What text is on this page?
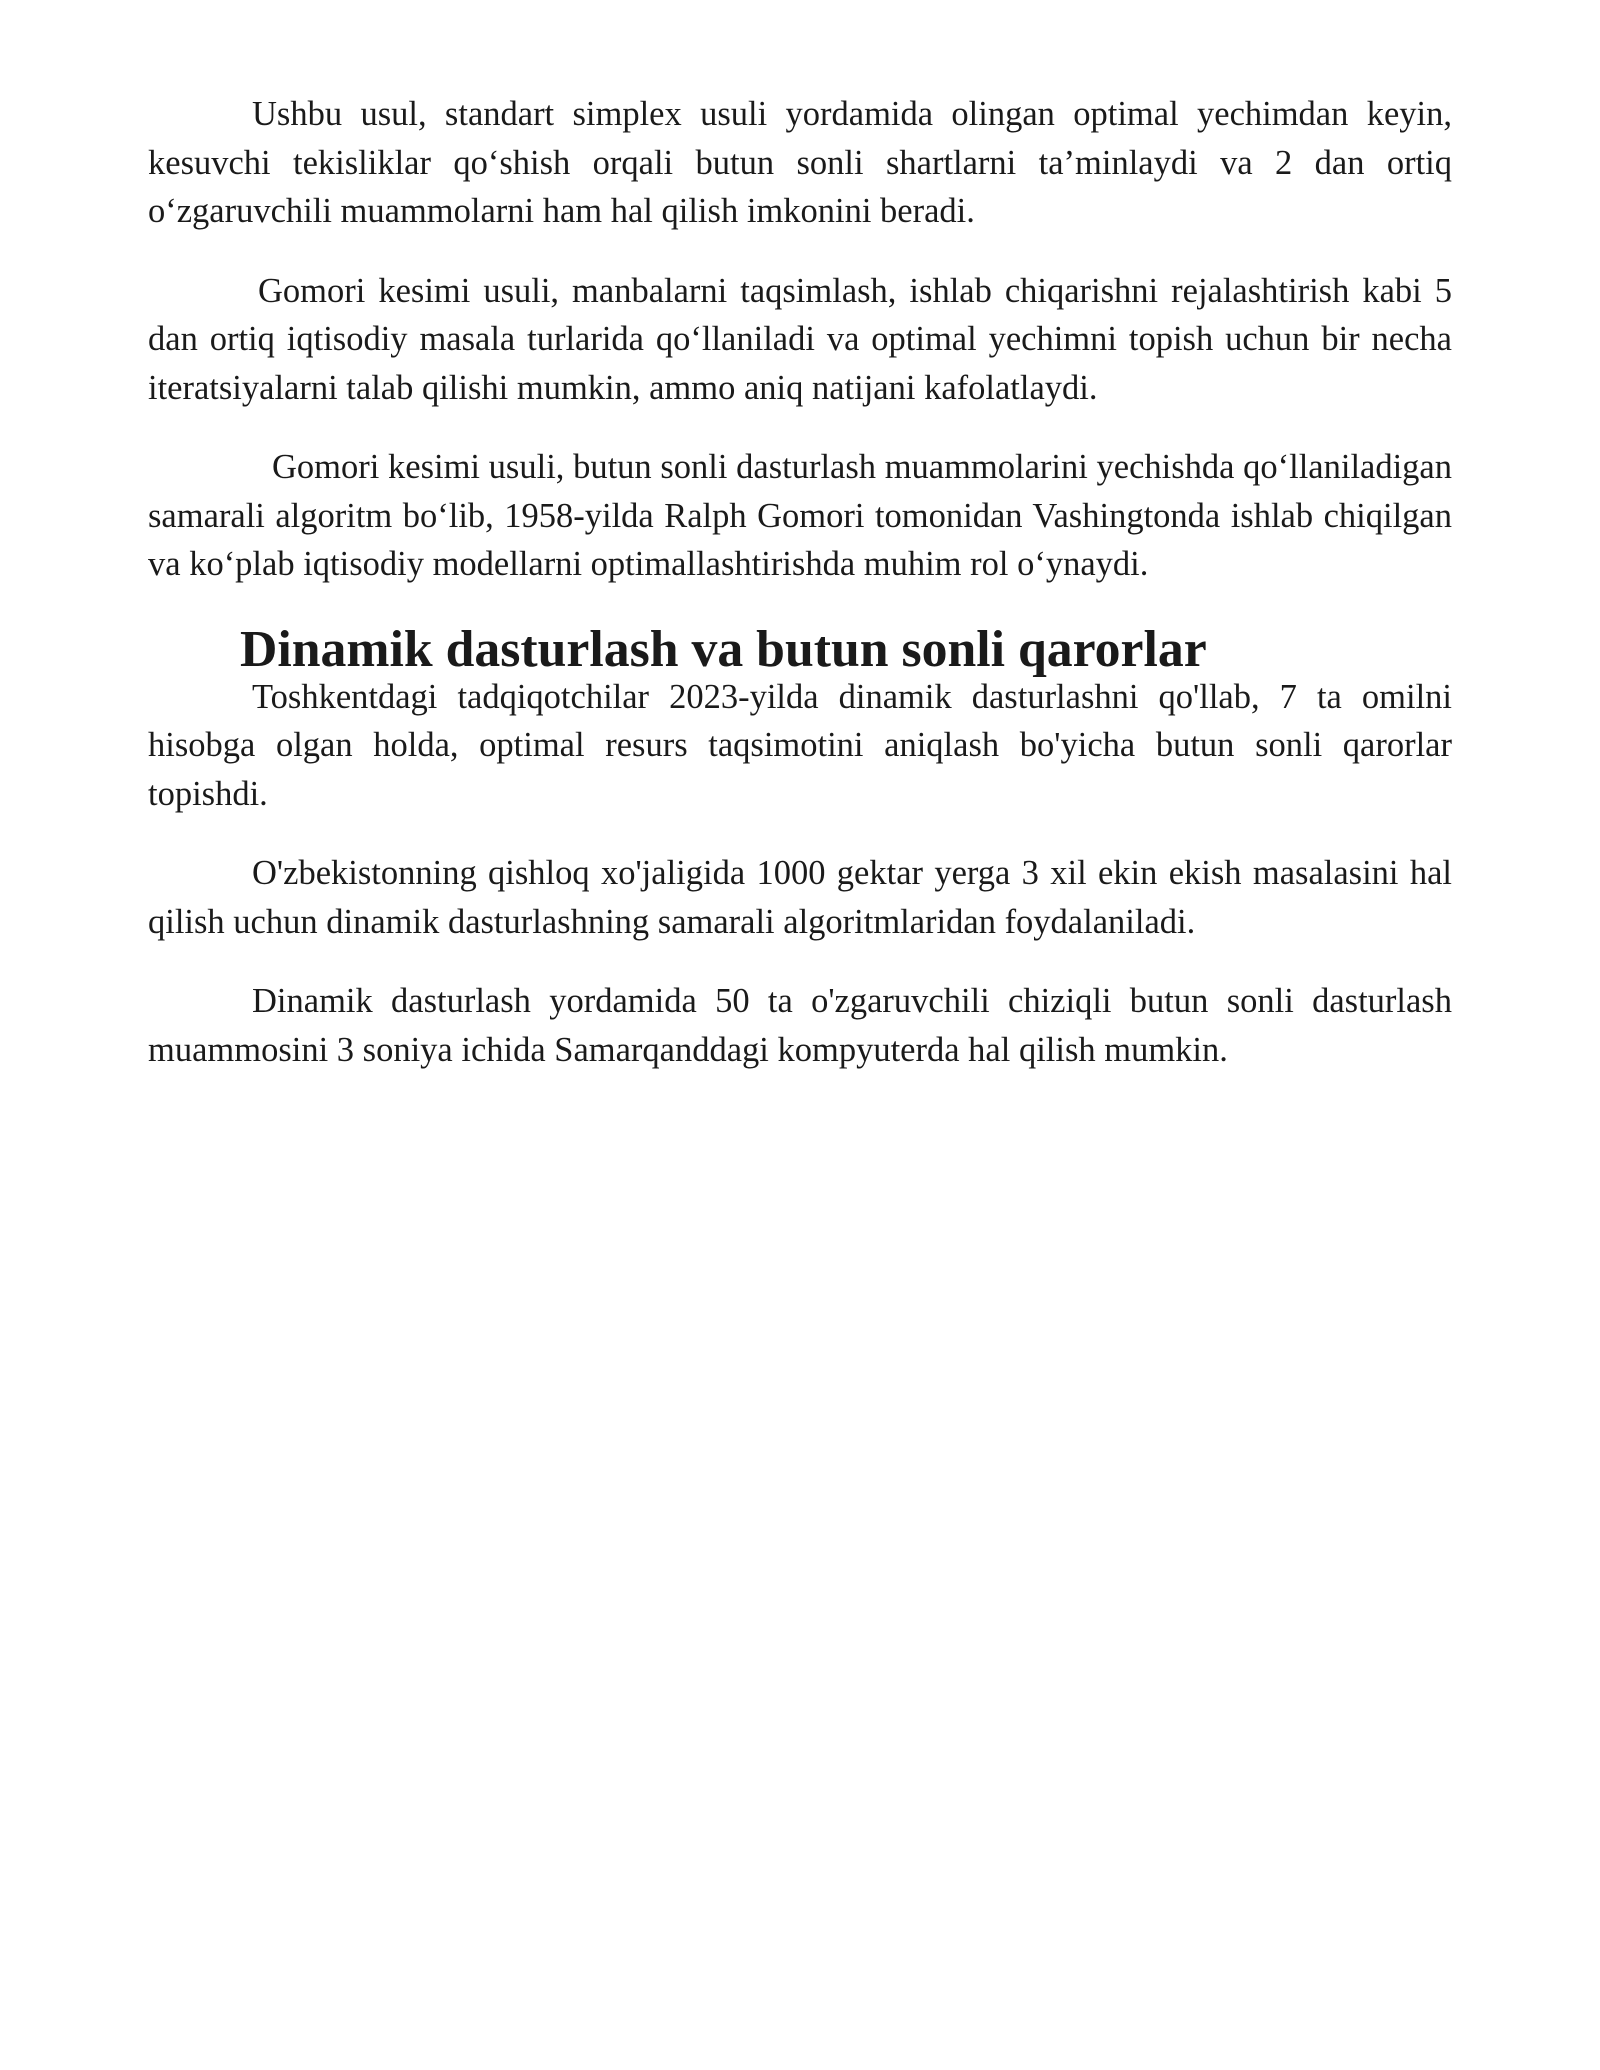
Ushbu usul, standart simplex usuli yordamida olingan optimal yechimdan keyin, kesuvchi tekisliklar qo‘shish orqali butun sonli shartlarni ta’minlaydi va 2 dan ortiq o‘zgaruvchili muammolarni ham hal qilish imkonini beradi.

Gomori kesimi usuli, manbalarni taqsimlash, ishlab chiqarishni rejalashtirish kabi 5 dan ortiq iqtisodiy masala turlarida qo‘llaniladi va optimal yechimni topish uchun bir necha iteratsiyalarni talab qilishi mumkin, ammo aniq natijani kafolatlaydi.

Gomori kesimi usuli, butun sonli dasturlash muammolarini yechishda qo‘llaniladigan samarali algoritm bo‘lib, 1958-yilda Ralph Gomori tomonidan Vashingtonda ishlab chiqilgan va ko‘plab iqtisodiy modellarni optimallashtirishda muhim rol o‘ynaydi.

Dinamik dasturlash va butun sonli qarorlar

Toshkentdagi tadqiqotchilar 2023-yilda dinamik dasturlashni qo'llab, 7 ta omilni hisobga olgan holda, optimal resurs taqsimotini aniqlash bo'yicha butun sonli qarorlar topishdi.

O'zbekistonning qishloq xo'jaligida 1000 gektar yerga 3 xil ekin ekish masalasini hal qilish uchun dinamik dasturlashning samarali algoritmlaridan foydalaniladi.

Dinamik dasturlash yordamida 50 ta o'zgaruvchili chiziqli butun sonli dasturlash muammosini 3 soniya ichida Samarqanddagi kompyuterda hal qilish mumkin.
